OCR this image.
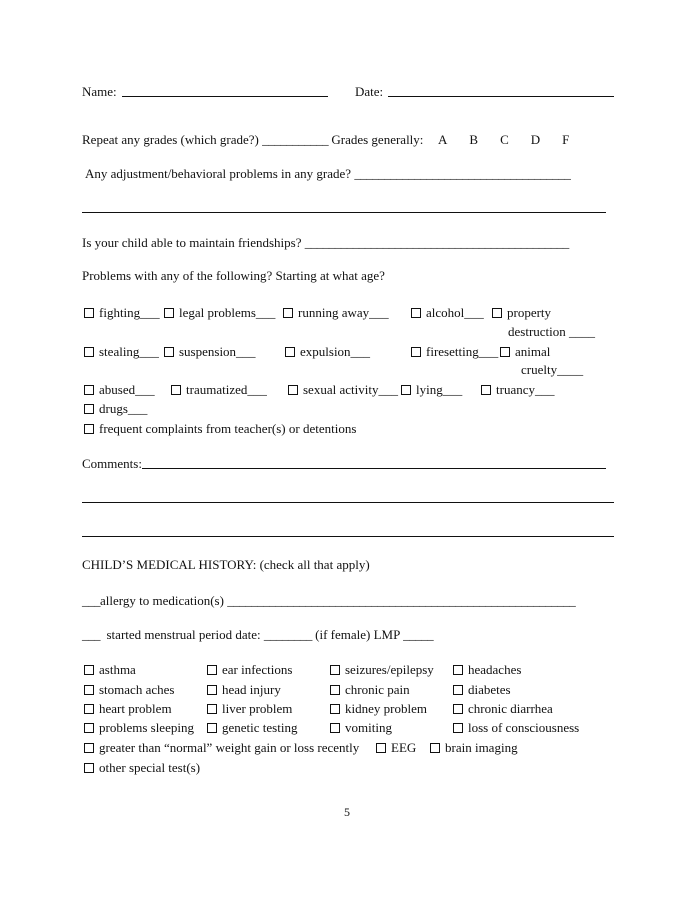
Name:	Date:
Repeat any grades (which grade?) ___________ Grades generally: A B C D F
Any adjustment/behavioral problems in any grade? ____________________________________
Is your child able to maintain friendships? ____________________________________________
Problems with any of the following? Starting at what age?
fighting___	legal problems___	running away___	alcohol___	property
destruction ____
stealing___	suspension___	expulsion___	firesetting___	animal
cruelty____
abused___	traumatized___	sexual activity___	lying___	truancy___
drugs___
frequent complaints from teacher(s) or detentions
Comments:
CHILD’S MEDICAL HISTORY: (check all that apply)
___allergy to medication(s) __________________________________________________________
___ started menstrual period date: ________ (if female) LMP _____
asthma	ear infections	seizures/epilepsy	headaches
stomach aches	head injury	chronic pain	diabetes
heart problem	liver problem	kidney problem	chronic diarrhea
problems sleeping	genetic testing	vomiting	loss of consciousness
greater than “normal” weight gain or loss recently	EEG	brain imaging
other special test(s)
5
